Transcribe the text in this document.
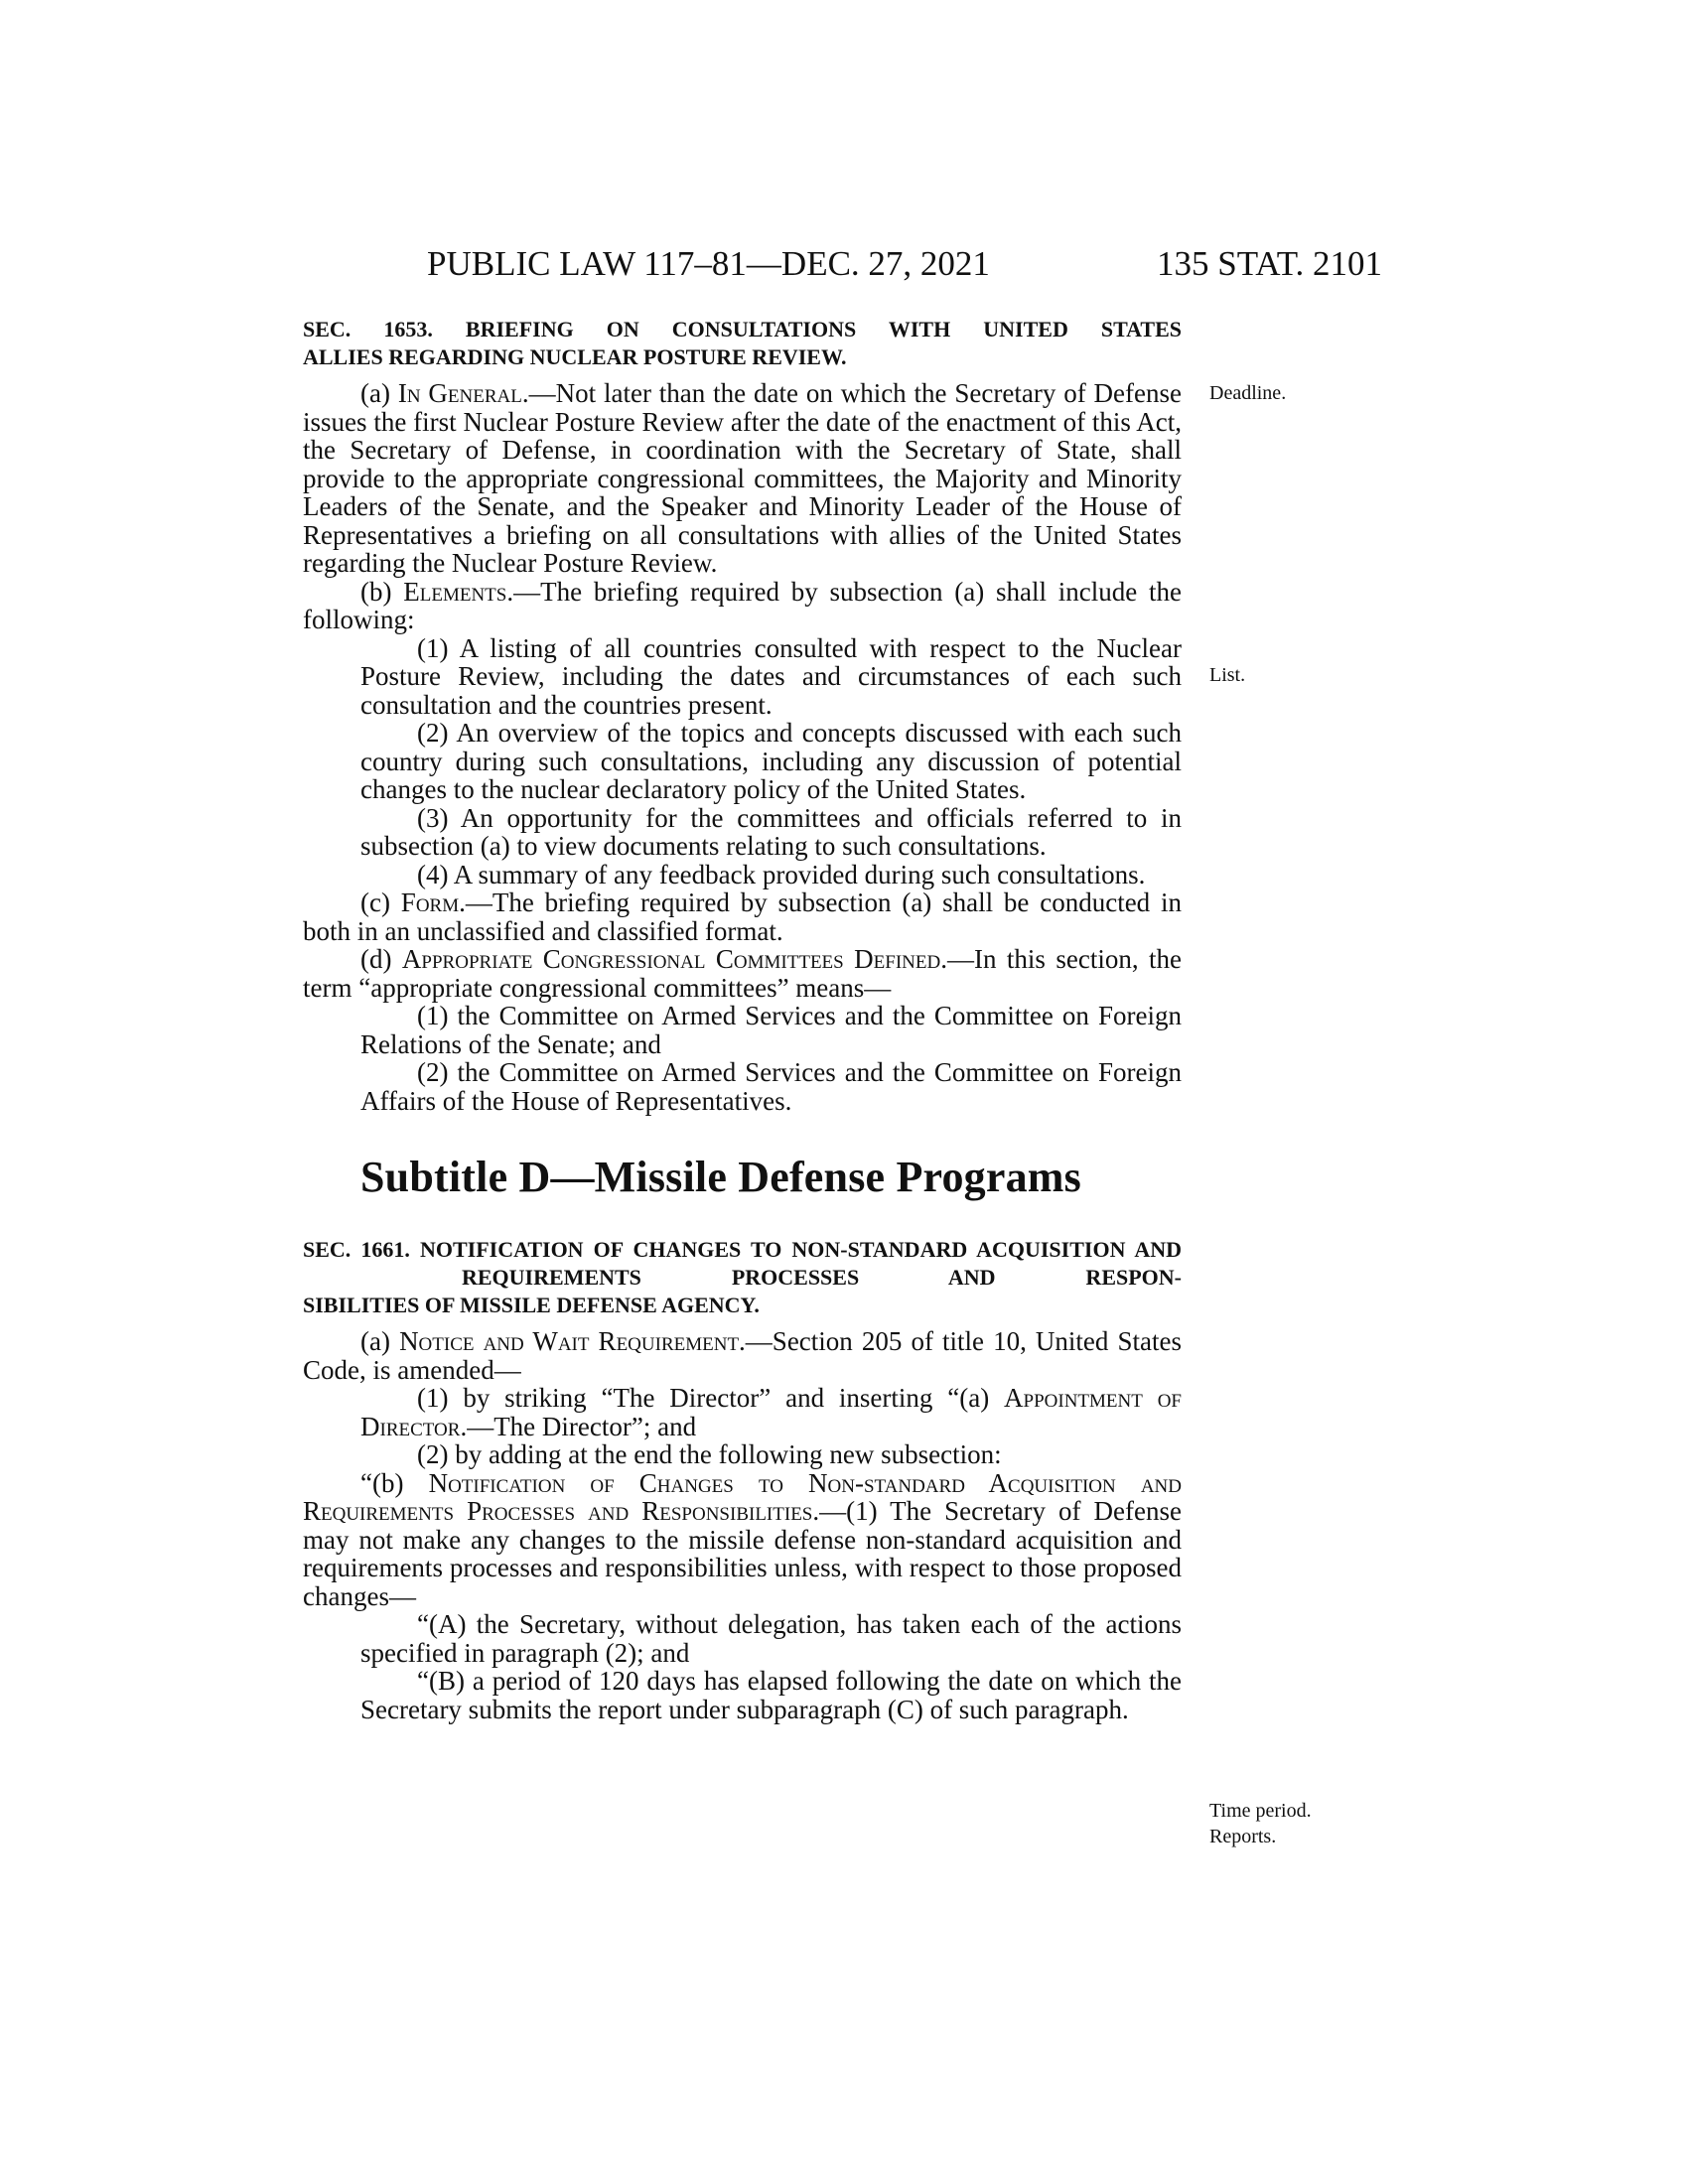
PUBLIC LAW 117–81—DEC. 27, 2021	135 STAT. 2101
SEC. 1653. BRIEFING ON CONSULTATIONS WITH UNITED STATES
ALLIES REGARDING NUCLEAR POSTURE REVIEW.

(a) In General.—Not later than the date on which the Secretary of Defense issues the first Nuclear Posture Review after the date of the enactment of this Act, the Secretary of Defense, in coordination with the Secretary of State, shall provide to the appropriate congressional committees, the Majority and Minority Leaders of the Senate, and the Speaker and Minority Leader of the House of Representatives a briefing on all consultations with allies of the United States regarding the Nuclear Posture Review.

(b) Elements.—The briefing required by subsection (a) shall include the following:

(1) A listing of all countries consulted with respect to the Nuclear Posture Review, including the dates and circumstances of each such consultation and the countries present.

(2) An overview of the topics and concepts discussed with each such country during such consultations, including any discussion of potential changes to the nuclear declaratory policy of the United States.

(3) An opportunity for the committees and officials referred to in subsection (a) to view documents relating to such consultations.

(4) A summary of any feedback provided during such consultations.

(c) Form.—The briefing required by subsection (a) shall be conducted in both in an unclassified and classified format.

(d) Appropriate Congressional Committees Defined.—In this section, the term “appropriate congressional committees” means—

(1) the Committee on Armed Services and the Committee on Foreign Relations of the Senate; and

(2) the Committee on Armed Services and the Committee on Foreign Affairs of the House of Representatives.

Subtitle D—Missile Defense Programs
SEC. 1661. NOTIFICATION OF CHANGES TO NON-STANDARD ACQUISITION AND REQUIREMENTS PROCESSES AND RESPON-
SIBILITIES OF MISSILE DEFENSE AGENCY.

(a) Notice and Wait Requirement.—Section 205 of title 10, United States Code, is amended—

(1) by striking “The Director” and inserting “(a) Appointment of Director.—The Director”; and

(2) by adding at the end the following new subsection:

“(b) Notification of Changes to Non-standard Acquisition and Requirements Processes and Responsibilities.—(1) The Secretary of Defense may not make any changes to the missile defense non-standard acquisition and requirements processes and responsibilities unless, with respect to those proposed changes—

“(A) the Secretary, without delegation, has taken each of the actions specified in paragraph (2); and

“(B) a period of 120 days has elapsed following the date on which the Secretary submits the report under subparagraph (C) of such paragraph.

Deadline.
List.
Time period.
Reports.
